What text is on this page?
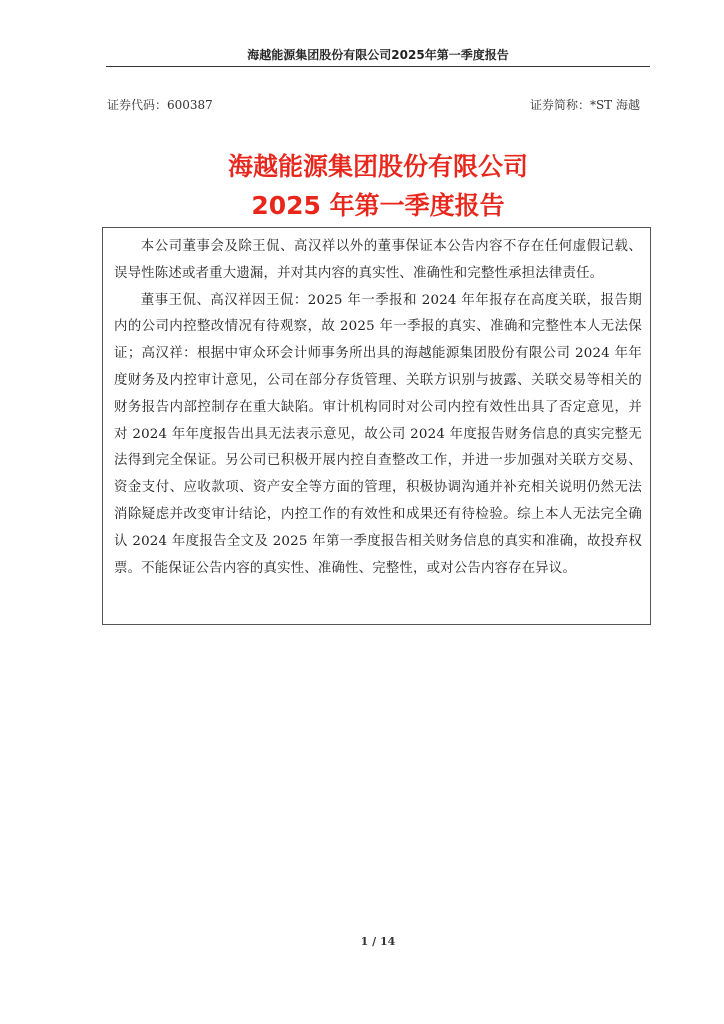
海越能源集团股份有限公司2025年第一季度报告
证券代码：600387	证券简称：*ST 海越
海越能源集团股份有限公司
2025 年第一季度报告

本公司董事会及除王侃、高汉祥以外的董事保证本公告内容不存在任何虚假记载、误导性陈述或者重大遗漏，并对其内容的真实性、准确性和完整性承担法律责任。

董事王侃、高汉祥因王侃：2025 年一季报和 2024 年年报存在高度关联，报告期内的公司内控整改情况有待观察，故 2025 年一季报的真实、准确和完整性本人无法保证；高汉祥：根据中审众环会计师事务所出具的海越能源集团股份有限公司 2024 年年度财务及内控审计意见，公司在部分存货管理、关联方识别与披露、关联交易等相关的财务报告内部控制存在重大缺陷。审计机构同时对公司内控有效性出具了否定意见，并对 2024 年年度报告出具无法表示意见，故公司 2024 年度报告财务信息的真实完整无法得到完全保证。另公司已积极开展内控自查整改工作，并进一步加强对关联方交易、资金支付、应收款项、资产安全等方面的管理，积极协调沟通并补充相关说明仍然无法消除疑虑并改变审计结论，内控工作的有效性和成果还有待检验。综上本人无法完全确认 2024 年度报告全文及 2025 年第一季度报告相关财务信息的真实和准确，故投弃权票。不能保证公告内容的真实性、准确性、完整性，或对公告内容存在异议。

1 / 14
